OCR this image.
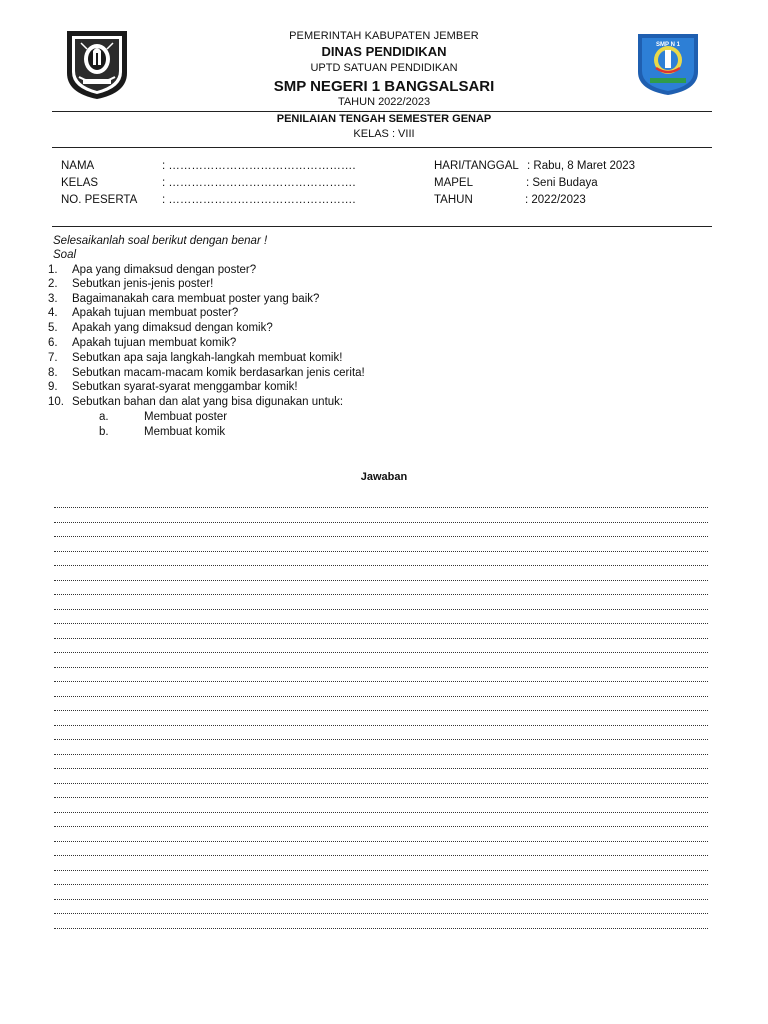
PEMERINTAH KABUPATEN JEMBER
DINAS PENDIDIKAN
UPTD SATUAN PENDIDIKAN
SMP NEGERI 1 BANGSALSARI
TAHUN 2022/2023
SMP N 1
PENILAIAN TENGAH SEMESTER GENAP
KELAS : VIII
NAMA	: ………………………………………….
KELAS	: ………………………………………….
NO. PESERTA : ………………………………………….
HARI/TANGGAL : Rabu, 8 Maret 2023
MAPEL	: Seni Budaya
TAHUN	: 2022/2023
Selesaikanlah soal berikut dengan benar !
Soal
1.	Apa yang dimaksud dengan poster?
2.	Sebutkan jenis-jenis poster!
3.	Bagaimanakah cara membuat poster yang baik?
4.	Apakah tujuan membuat poster?
5.	Apakah yang dimaksud dengan komik?
6.	Apakah tujuan membuat komik?
7.	Sebutkan apa saja langkah-langkah membuat komik!
8.	Sebutkan macam-macam komik berdasarkan jenis cerita!
9.	Sebutkan syarat-syarat menggambar komik!
10. Sebutkan bahan dan alat yang bisa digunakan untuk:
a.	Membuat poster
b.	Membuat komik
Jawaban
